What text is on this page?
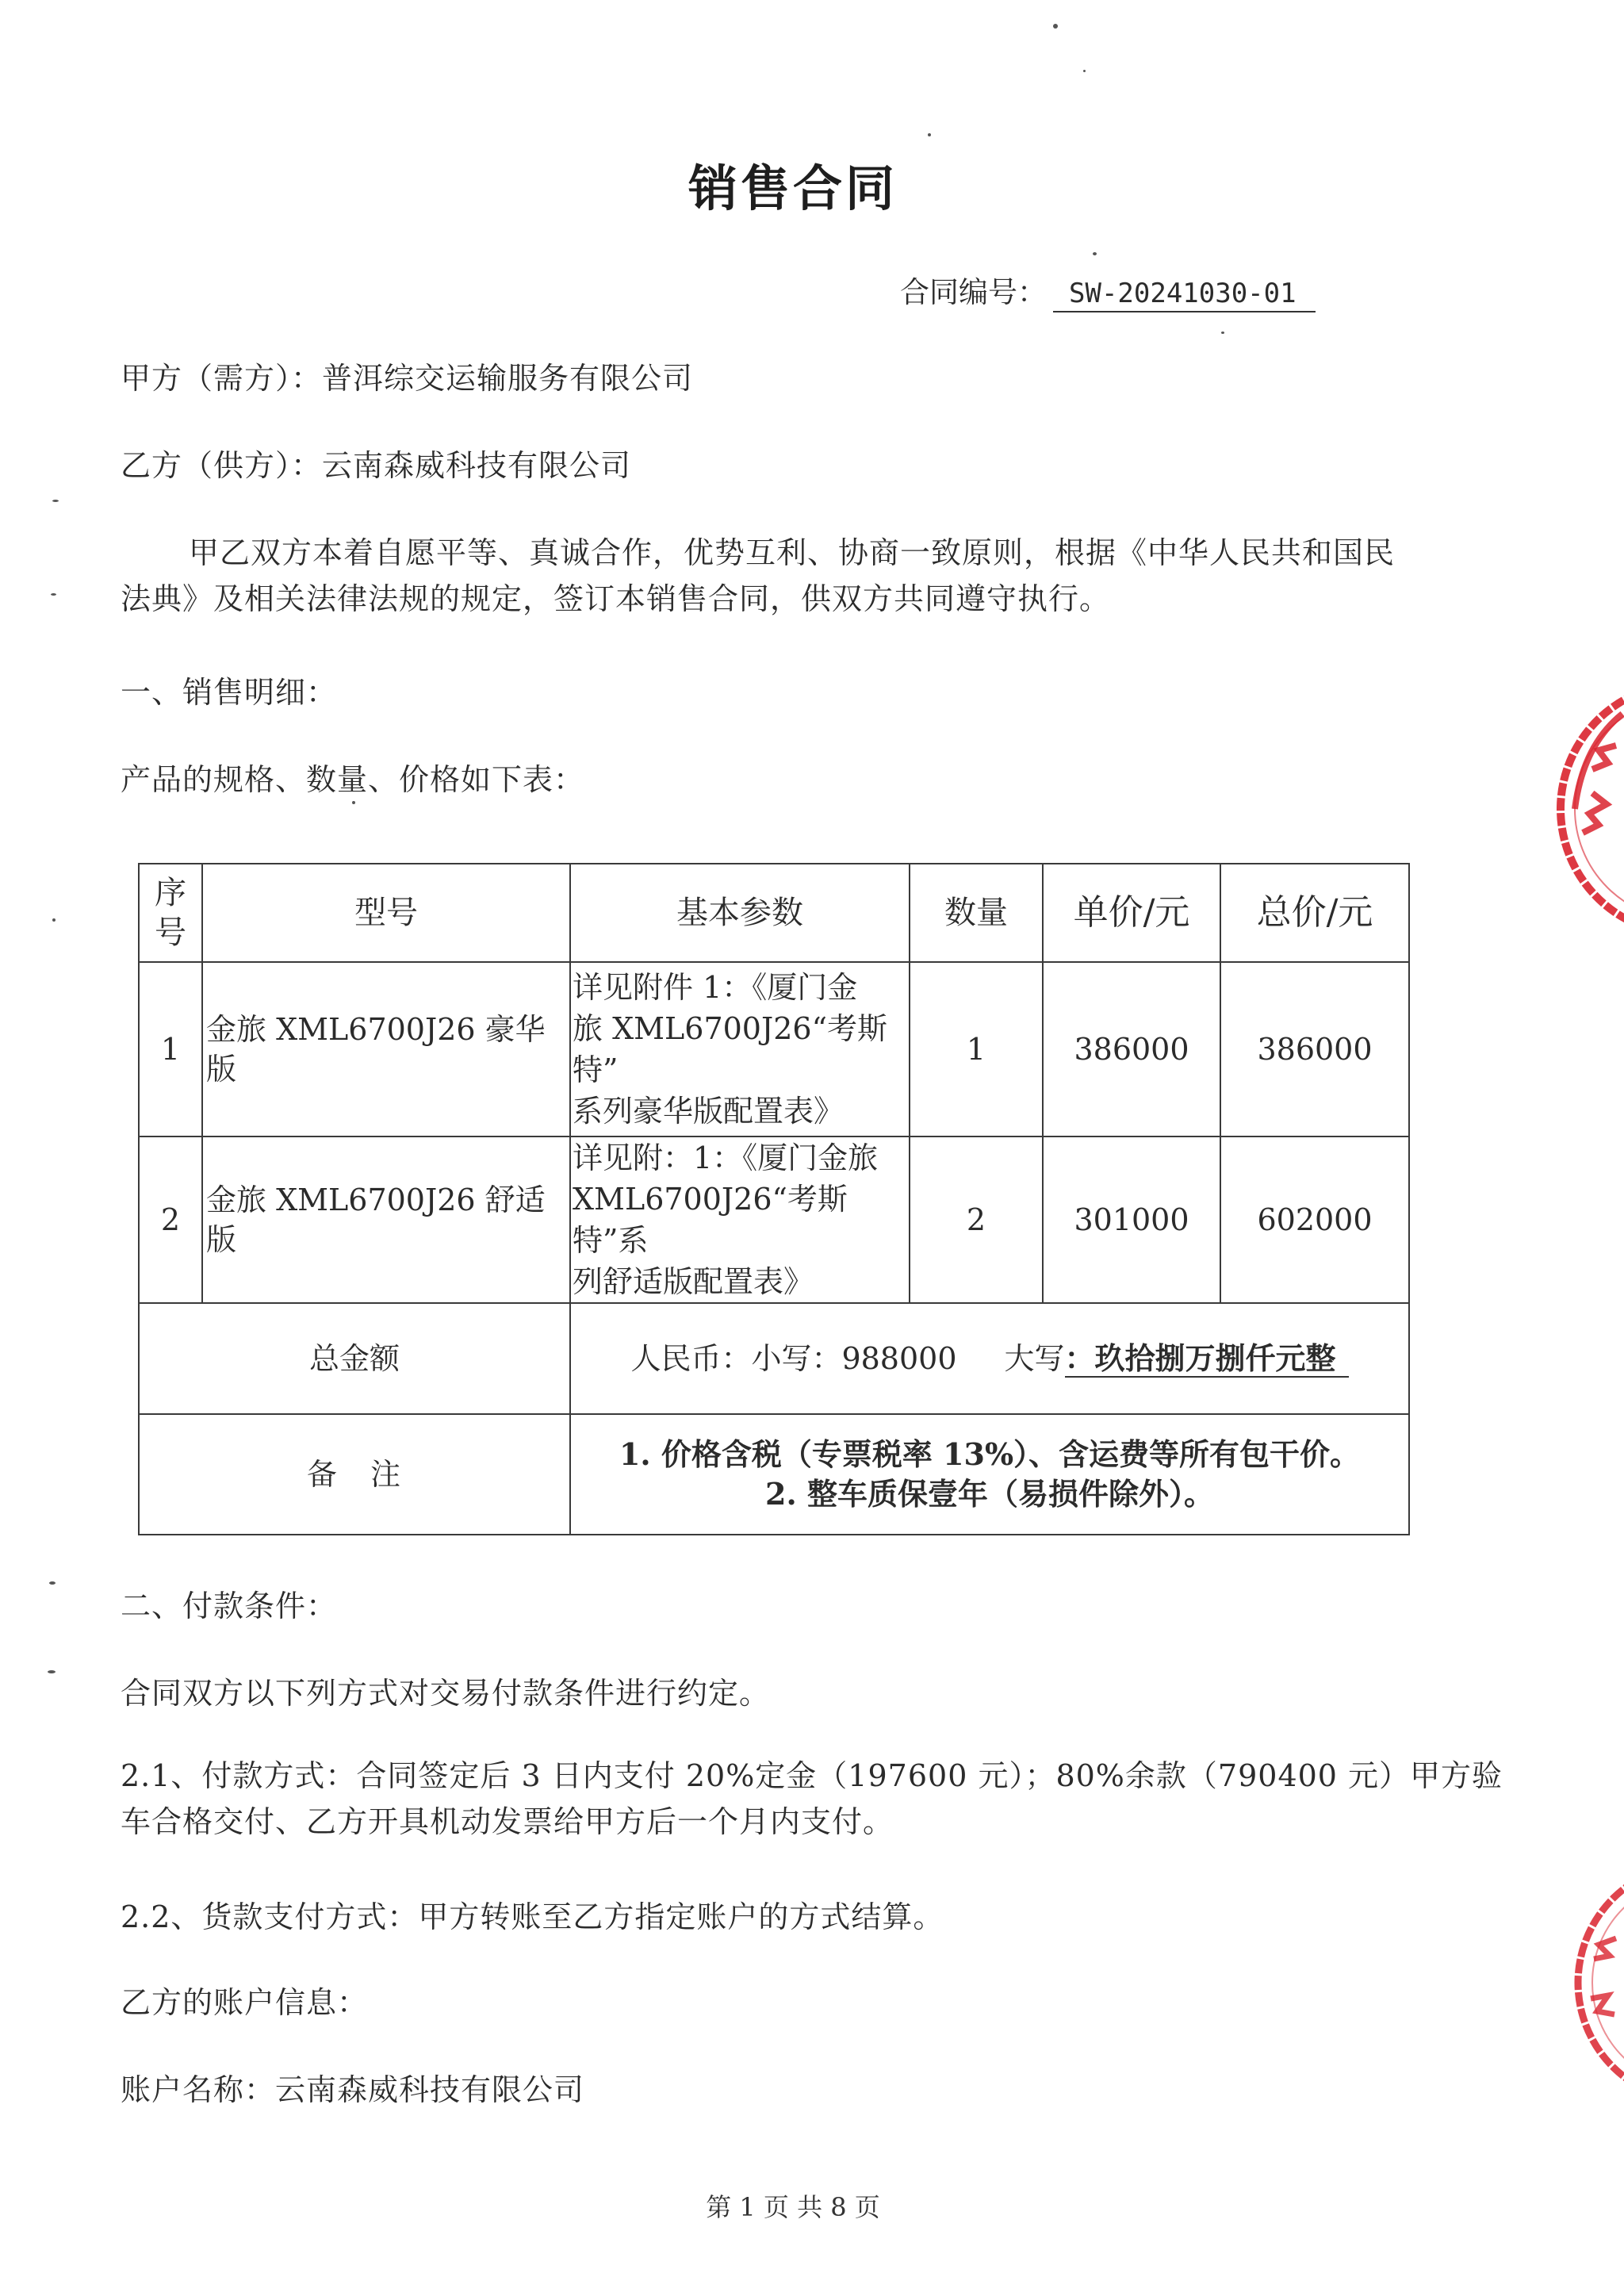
销售合同
合同编号： SW-20241030-01
甲方（需方）：普洱综交运输服务有限公司
乙方（供方）：云南森威科技有限公司
甲乙双方本着自愿平等、真诚合作，优势互利、协商一致原则，根据《中华人民共和国民
法典》及相关法律法规的规定，签订本销售合同，供双方共同遵守执行。
一、销售明细：
产品的规格、数量、价格如下表：
序
号	型号	基本参数	数量	单价/元	总价/元
1	金旅 XML6700J26 豪华版	详见附件 1：《厦门金
旅 XML6700J26“考斯特”
系列豪华版配置表》	1	386000	386000
2	金旅 XML6700J26 舒适版	详见附：1：《厦门金旅
XML6700J26“考斯特”系
列舒适版配置表》	2	301000	602000
总金额		人民币：小写：988000 大写：玖拾捌万捌仟元整			
备　注		1. 价格含税（专票税率 13%）、含运费等所有包干价。
2. 整车质保壹年（易损件除外）。			
二、付款条件：
合同双方以下列方式对交易付款条件进行约定。
2.1、付款方式：合同签定后 3 日内支付 20%定金（197600 元）；80%余款（790400 元）甲方验
车合格交付、乙方开具机动发票给甲方后一个月内支付。
2.2、货款支付方式：甲方转账至乙方指定账户的方式结算。
乙方的账户信息：
账户名称：云南森威科技有限公司
第 1 页 共 8 页
